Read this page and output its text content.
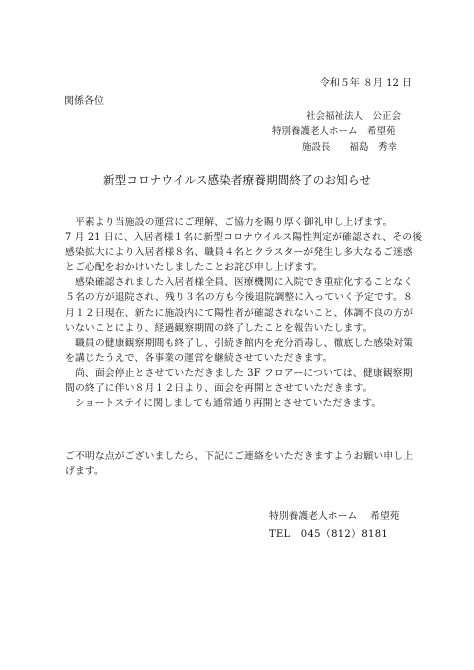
令和５年 ８月 12 日
関係各位
社会福祉法人　公正会
特別養護老人ホーム　希望苑
施設長　　福島　秀幸
新型コロナウイルス感染者療養期間終了のお知らせ
　平素より当施設の運営にご理解、ご協力を賜り厚く御礼申し上げます。
7 月 21 日に、入居者様１名に新型コロナウイルス陽性判定が確認され、その後
感染拡大により入居者様８名、職員４名とクラスターが発生し多大なるご迷惑
とご心配をおかけいたしましたことお詫び申し上げます。
　感染確認されました入居者様全員、医療機関に入院でき重症化することなく
５名の方が退院され、残り３名の方も今後退院調整に入っていく予定です。８
月１２日現在、新たに施設内にて陽性者が確認されないこと、体調不良の方が
いないことにより、経過観察期間の終了したことを報告いたします。
　職員の健康観察期間も終了し、引続き館内を充分消毒し、徹底した感染対策
を講じたうえで、各事業の運営を継続させていただきます。
　尚、面会停止とさせていただきました 3F フロアーについては、健康観察期
間の終了に伴い８月１２日より、面会を再開とさせていただきます。
　ショートステイに関しましても通常通り再開とさせていただきます。
ご不明な点がございましたら、下記にご連絡をいただきますようお願い申し上
げます。
特別養護老人ホーム　 希望苑
TEL　045（812）8181
